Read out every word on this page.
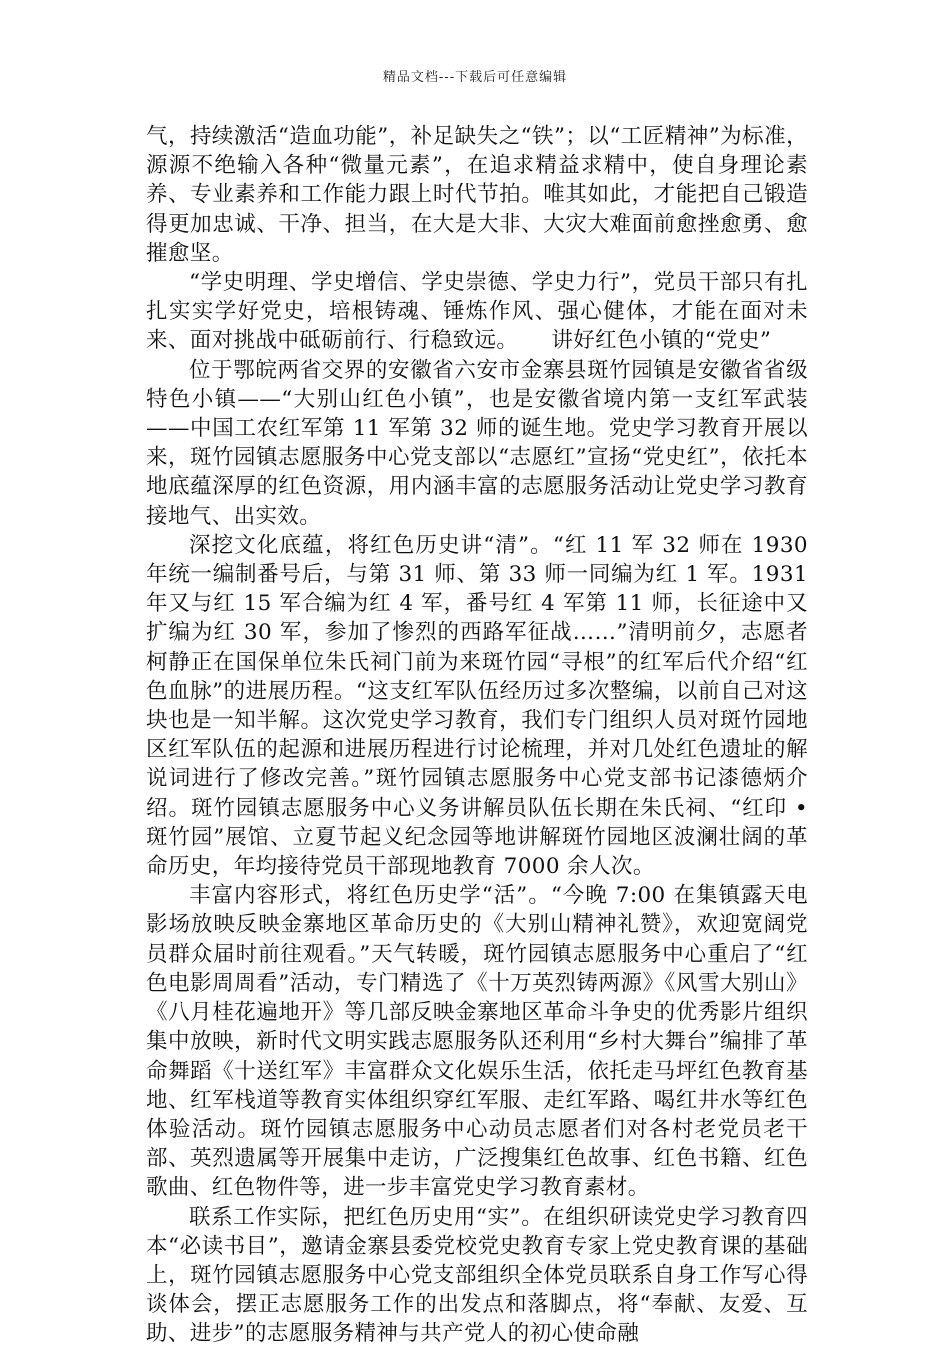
精品文档---下载后可任意编辑

气，持续激活“造血功能”，补足缺失之“铁”；以“工匠精神”为标准，源源不绝输入各种“微量元素”，在追求精益求精中，使自身理论素养、专业素养和工作能力跟上时代节拍。唯其如此，才能把自己锻造得更加忠诚、干净、担当，在大是大非、大灾大难面前愈挫愈勇、愈摧愈坚。

“学史明理、学史增信、学史崇德、学史力行”，党员干部只有扎扎实实学好党史，培根铸魂、锤炼作风、强心健体，才能在面对未来、面对挑战中砥砺前行、行稳致远。　　讲好红色小镇的“党史”

位于鄂皖两省交界的安徽省六安市金寨县斑竹园镇是安徽省省级特色小镇——“大别山红色小镇”，也是安徽省境内第一支红军武装——中国工农红军第 11 军第 32 师的诞生地。党史学习教育开展以来，斑竹园镇志愿服务中心党支部以“志愿红”宣扬“党史红”，依托本地底蕴深厚的红色资源，用内涵丰富的志愿服务活动让党史学习教育接地气、出实效。

深挖文化底蕴，将红色历史讲“清”。“红 11 军 32 师在 1930 年统一编制番号后，与第 31 师、第 33 师一同编为红 1 军。1931 年又与红 15 军合编为红 4 军，番号红 4 军第 11 师，长征途中又扩编为红 30 军，参加了惨烈的西路军征战……”清明前夕，志愿者柯静正在国保单位朱氏祠门前为来斑竹园“寻根”的红军后代介绍“红色血脉”的进展历程。“这支红军队伍经历过多次整编，以前自己对这块也是一知半解。这次党史学习教育，我们专门组织人员对斑竹园地区红军队伍的起源和进展历程进行讨论梳理，并对几处红色遗址的解说词进行了修改完善。”斑竹园镇志愿服务中心党支部书记漆德炳介绍。斑竹园镇志愿服务中心义务讲解员队伍长期在朱氏祠、“红印 • 斑竹园”展馆、立夏节起义纪念园等地讲解斑竹园地区波澜壮阔的革命历史，年均接待党员干部现地教育 7000 余人次。

丰富内容形式，将红色历史学“活”。“今晚 7:00 在集镇露天电影场放映反映金寨地区革命历史的《大别山精神礼赞》，欢迎宽阔党员群众届时前往观看。”天气转暖，斑竹园镇志愿服务中心重启了“红色电影周周看”活动，专门精选了《十万英烈铸两源》《风雪大别山》《八月桂花遍地开》等几部反映金寨地区革命斗争史的优秀影片组织集中放映，新时代文明实践志愿服务队还利用“乡村大舞台”编排了革命舞蹈《十送红军》丰富群众文化娱乐生活，依托走马坪红色教育基地、红军栈道等教育实体组织穿红军服、走红军路、喝红井水等红色体验活动。斑竹园镇志愿服务中心动员志愿者们对各村老党员老干部、英烈遗属等开展集中走访，广泛搜集红色故事、红色书籍、红色歌曲、红色物件等，进一步丰富党史学习教育素材。

联系工作实际，把红色历史用“实”。在组织研读党史学习教育四本“必读书目”，邀请金寨县委党校党史教育专家上党史教育课的基础上，斑竹园镇志愿服务中心党支部组织全体党员联系自身工作写心得谈体会，摆正志愿服务工作的出发点和落脚点，将“奉献、友爱、互助、进步”的志愿服务精神与共产党人的初心使命融
